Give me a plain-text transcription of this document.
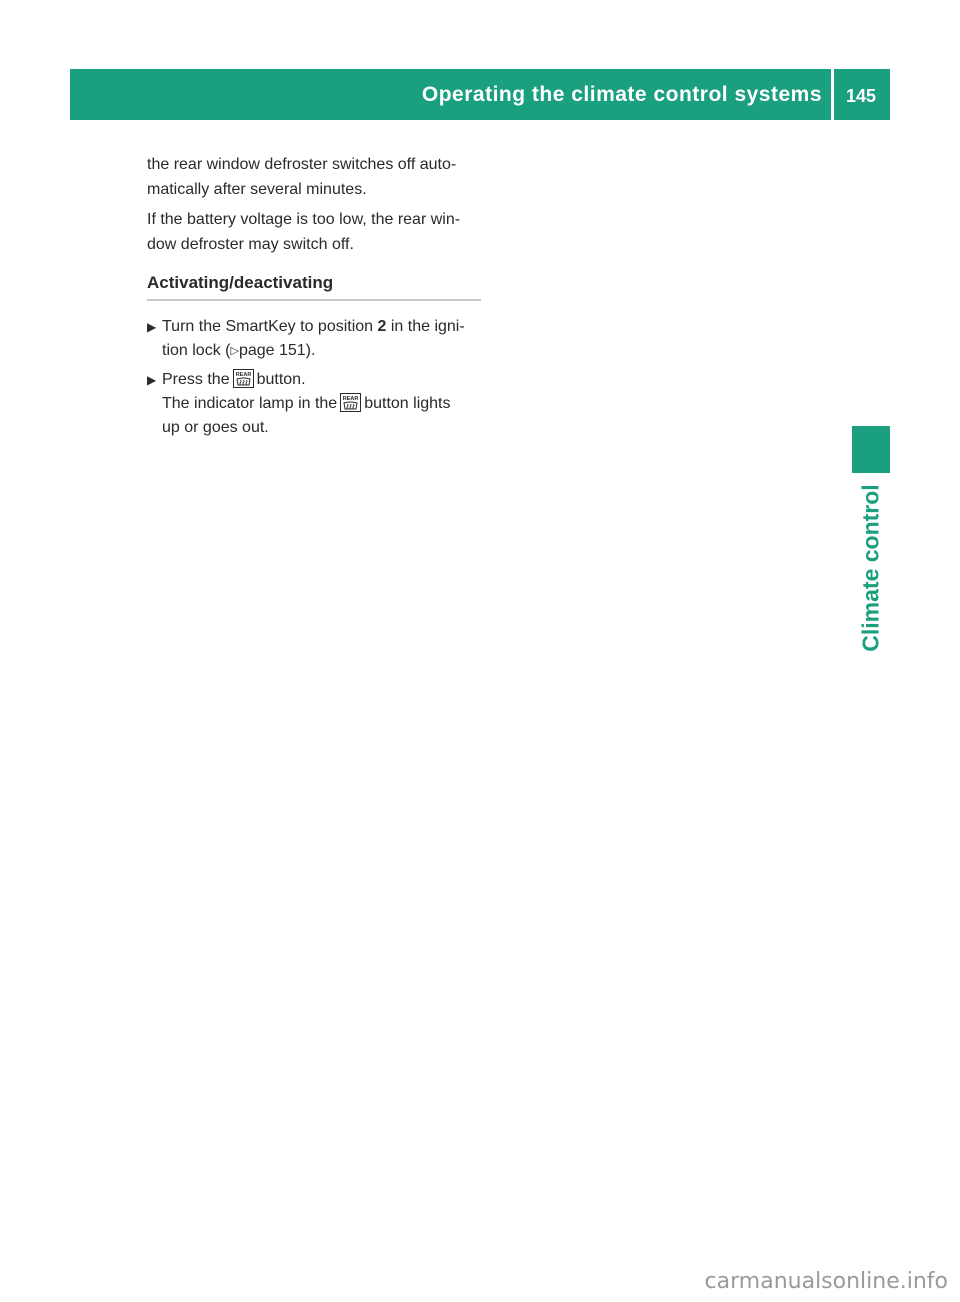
Operating the climate control systems 145
Climate control

the rear window defroster switches off auto-
matically after several minutes.

If the battery voltage is too low, the rear win-
dow defroster may switch off.

Activating/deactivating
▶ Turn the SmartKey to position 2 in the igni-
tion lock (▷page 151).
▶ Press the REAR button.
The indicator lamp in the REAR button lights
up or goes out.
carmanualsonline.info
